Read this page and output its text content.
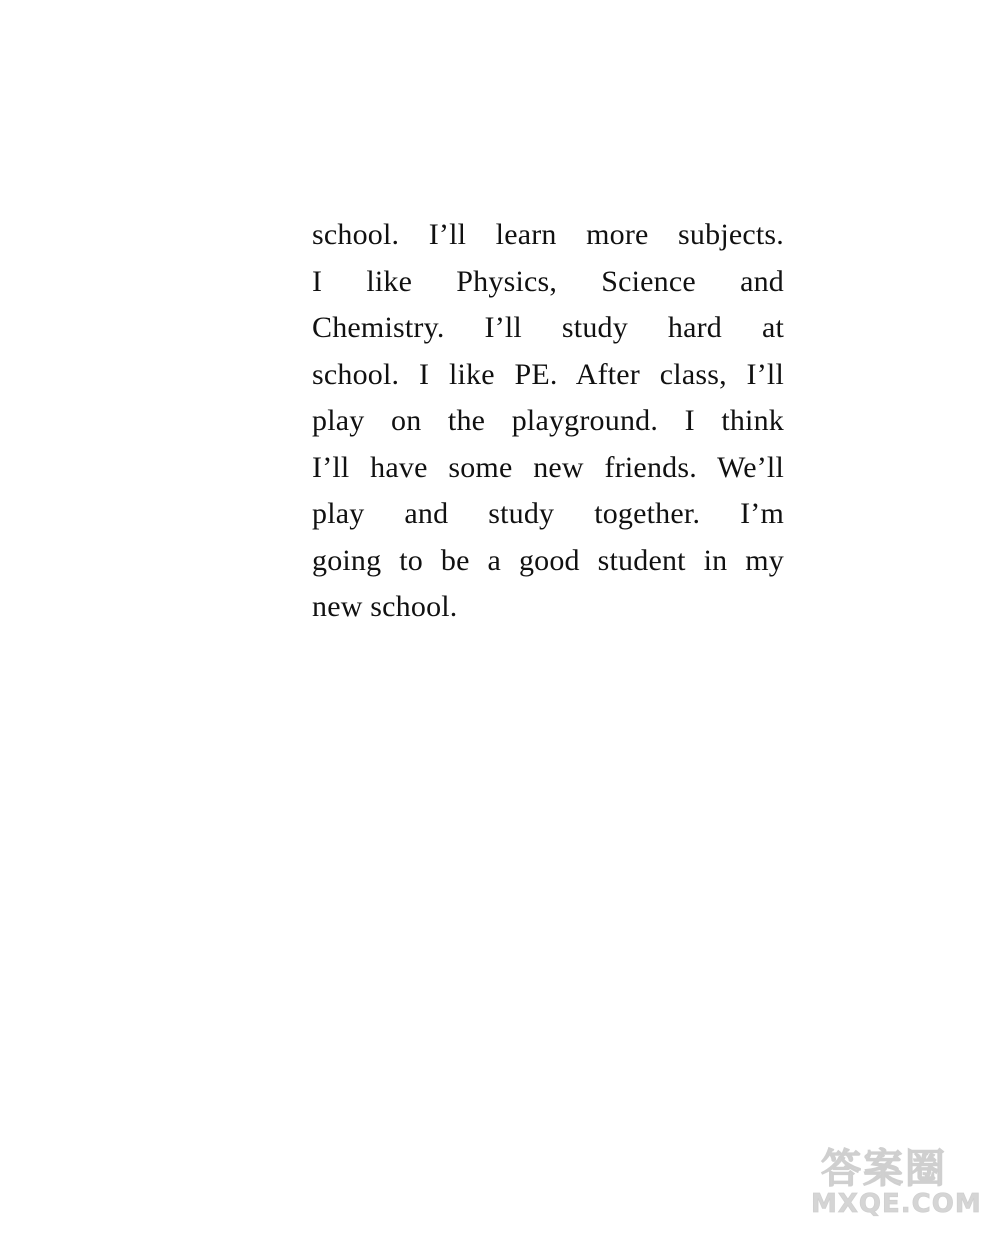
school. I’ll learn more subjects.
I like Physics, Science and
Chemistry. I’ll study hard at
school. I like PE. After class, I’ll
play on the playground. I think
I’ll have some new friends. We’ll
play and study together. I’m
going to be a good student in my
new school.
答案圈
MXQE.COM
